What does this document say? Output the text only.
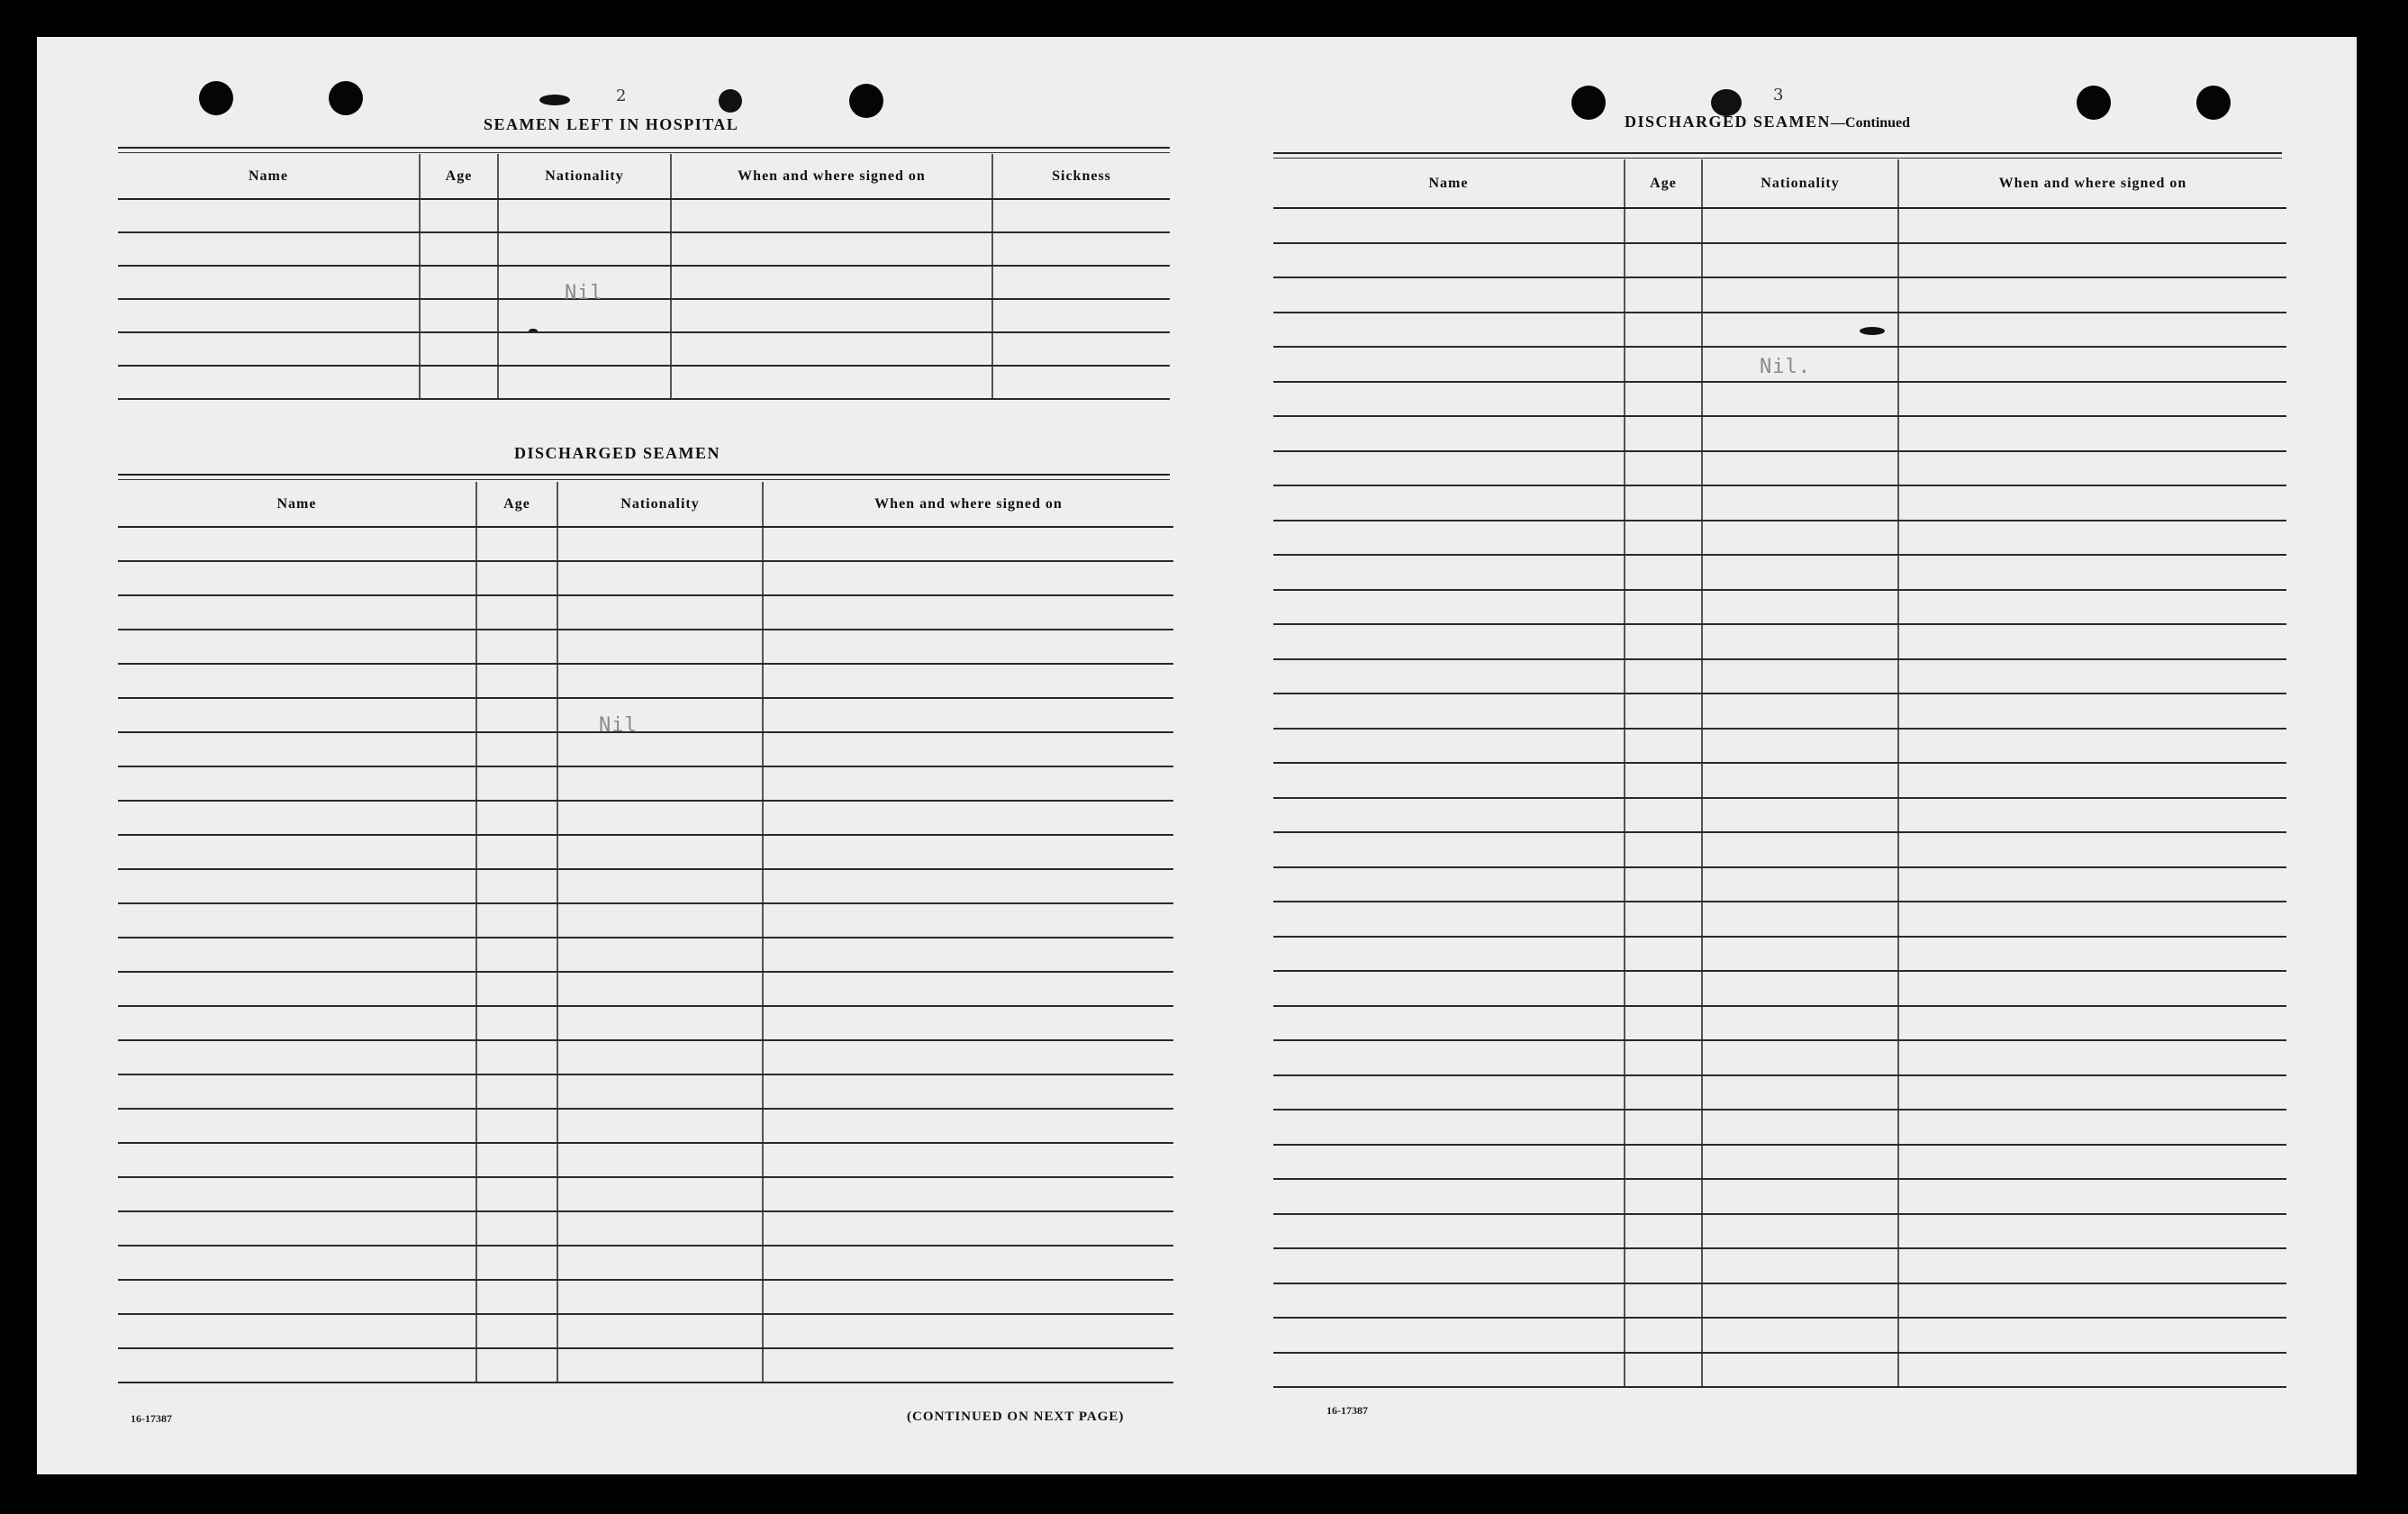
2
SEAMEN LEFT IN HOSPITAL
Name	Age	Nationality	When and where signed on	Sickness

Nil
DISCHARGED SEAMEN
Name	Age	Nationality	When and where signed on

Nil
16-17387	(CONTINUED ON NEXT PAGE)
3
DISCHARGED SEAMEN—Continued
Name	Age	Nationality	When and where signed on

Nil.
16-17387
